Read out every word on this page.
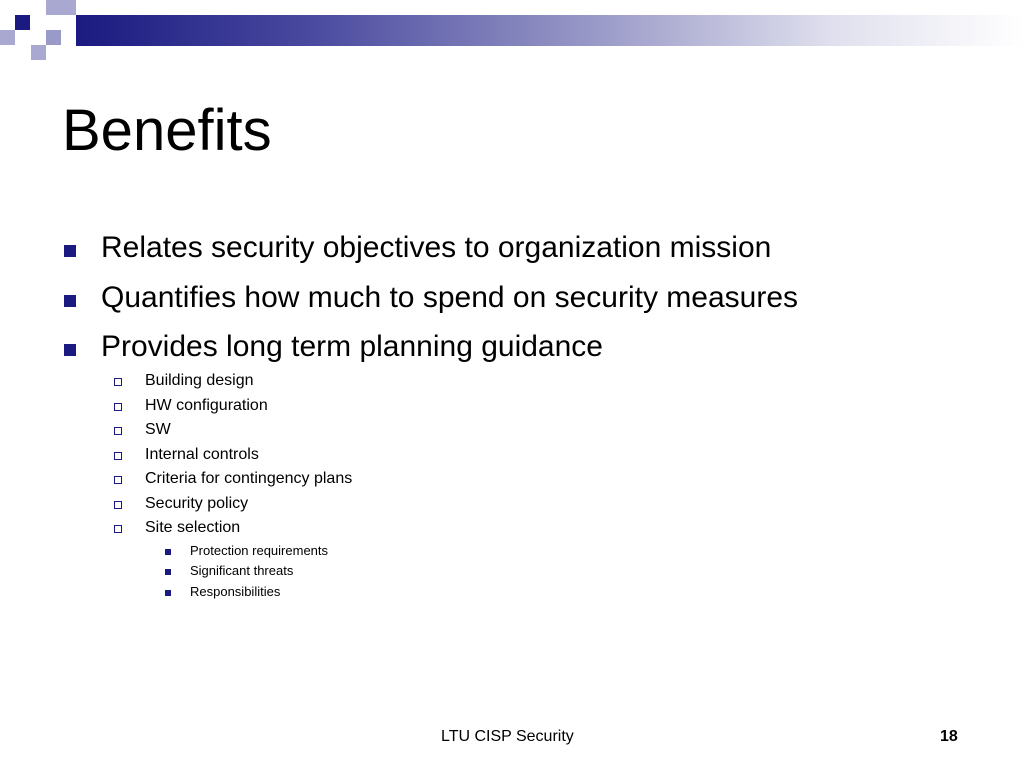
Benefits
Relates security objectives to organization mission
Quantifies how much to spend on security measures
Provides long term planning guidance
Building design
HW configuration
SW
Internal controls
Criteria for contingency plans
Security policy
Site selection
Protection requirements
Significant threats
Responsibilities
LTU CISP Security	18
